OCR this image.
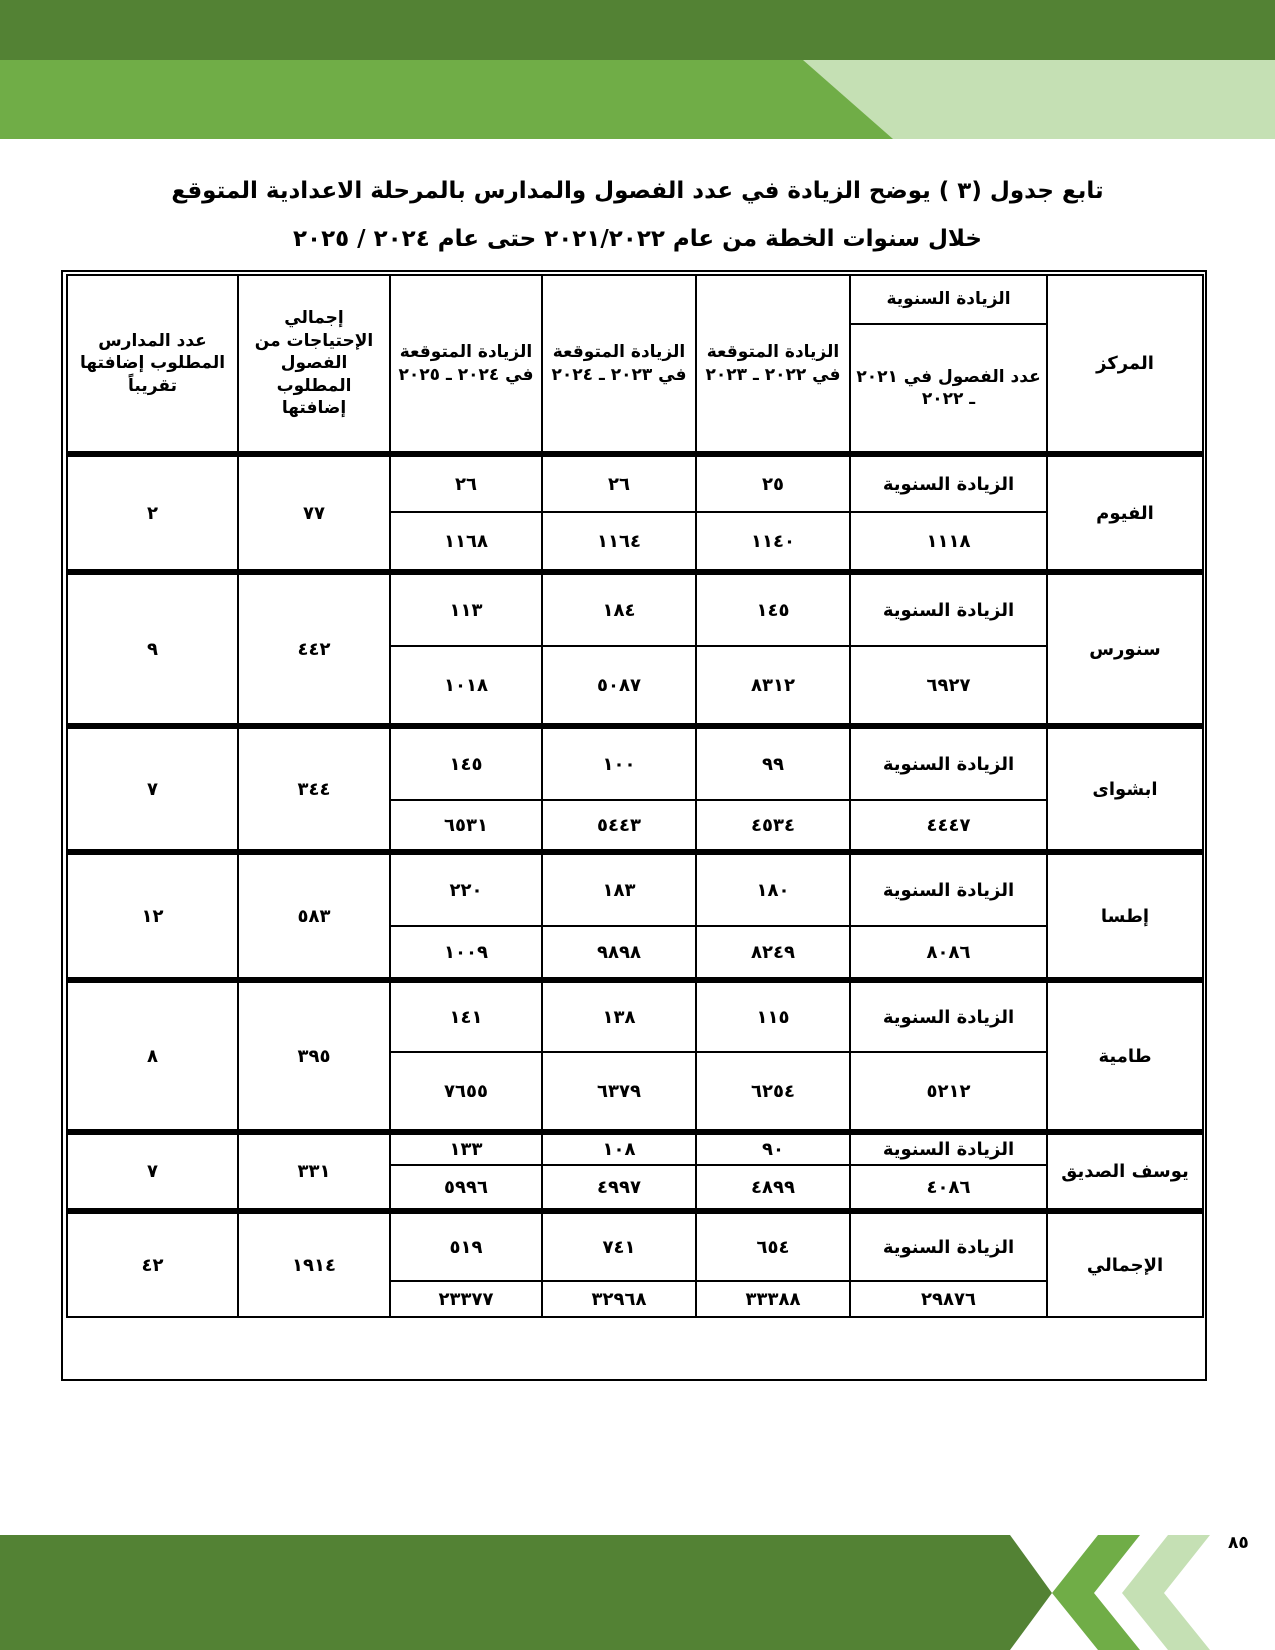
تابع جدول (٣ ) يوضح الزيادة في عدد الفصول والمدارس بالمرحلة الاعدادية المتوقع
خلال سنوات الخطة من عام ٢٠٢١/٢٠٢٢ حتى عام ٢٠٢٤ / ٢٠٢٥
المركز	الزيادة السنوية	الزيادة المتوقعة في ٢٠٢٢ ـ ٢٠٢٣	الزيادة المتوقعة في ٢٠٢٣ ـ ٢٠٢٤	الزيادة المتوقعة في ٢٠٢٤ ـ ٢٠٢٥	إجمالي الإحتياجات من الفصول المطلوب إضافتها	عدد المدارس المطلوب إضافتها تقريباً
	عدد الفصول في ٢٠٢١ ـ ٢٠٢٢					
الفيوم	الزيادة السنوية	٢٥	٢٦	٢٦	٧٧	٢
	١١١٨	١١٤٠	١١٦٤	١١٦٨		
سنورس	الزيادة السنوية	١٤٥	١٨٤	١١٣	٤٤٢	٩
	٦٩٢٧	٨٣١٢	٥٠٨٧	١٠١٨		
ابشواى	الزيادة السنوية	٩٩	١٠٠	١٤٥	٣٤٤	٧
	٤٤٤٧	٤٥٣٤	٥٤٤٣	٦٥٣١		
إطسا	الزيادة السنوية	١٨٠	١٨٣	٢٢٠	٥٨٣	١٢
	٨٠٨٦	٨٢٤٩	٩٨٩٨	١٠٠٩		
طامية	الزيادة السنوية	١١٥	١٣٨	١٤١	٣٩٥	٨
	٥٢١٢	٦٢٥٤	٦٣٧٩	٧٦٥٥		
يوسف الصديق	الزيادة السنوية	٩٠	١٠٨	١٣٣	٣٣١	٧
	٤٠٨٦	٤٨٩٩	٤٩٩٧	٥٩٩٦		
الإجمالي	الزيادة السنوية	٦٥٤	٧٤١	٥١٩	١٩١٤	٤٢
	٢٩٨٧٦	٣٣٣٨٨	٣٢٩٦٨	٢٣٣٧٧		
٨٥
